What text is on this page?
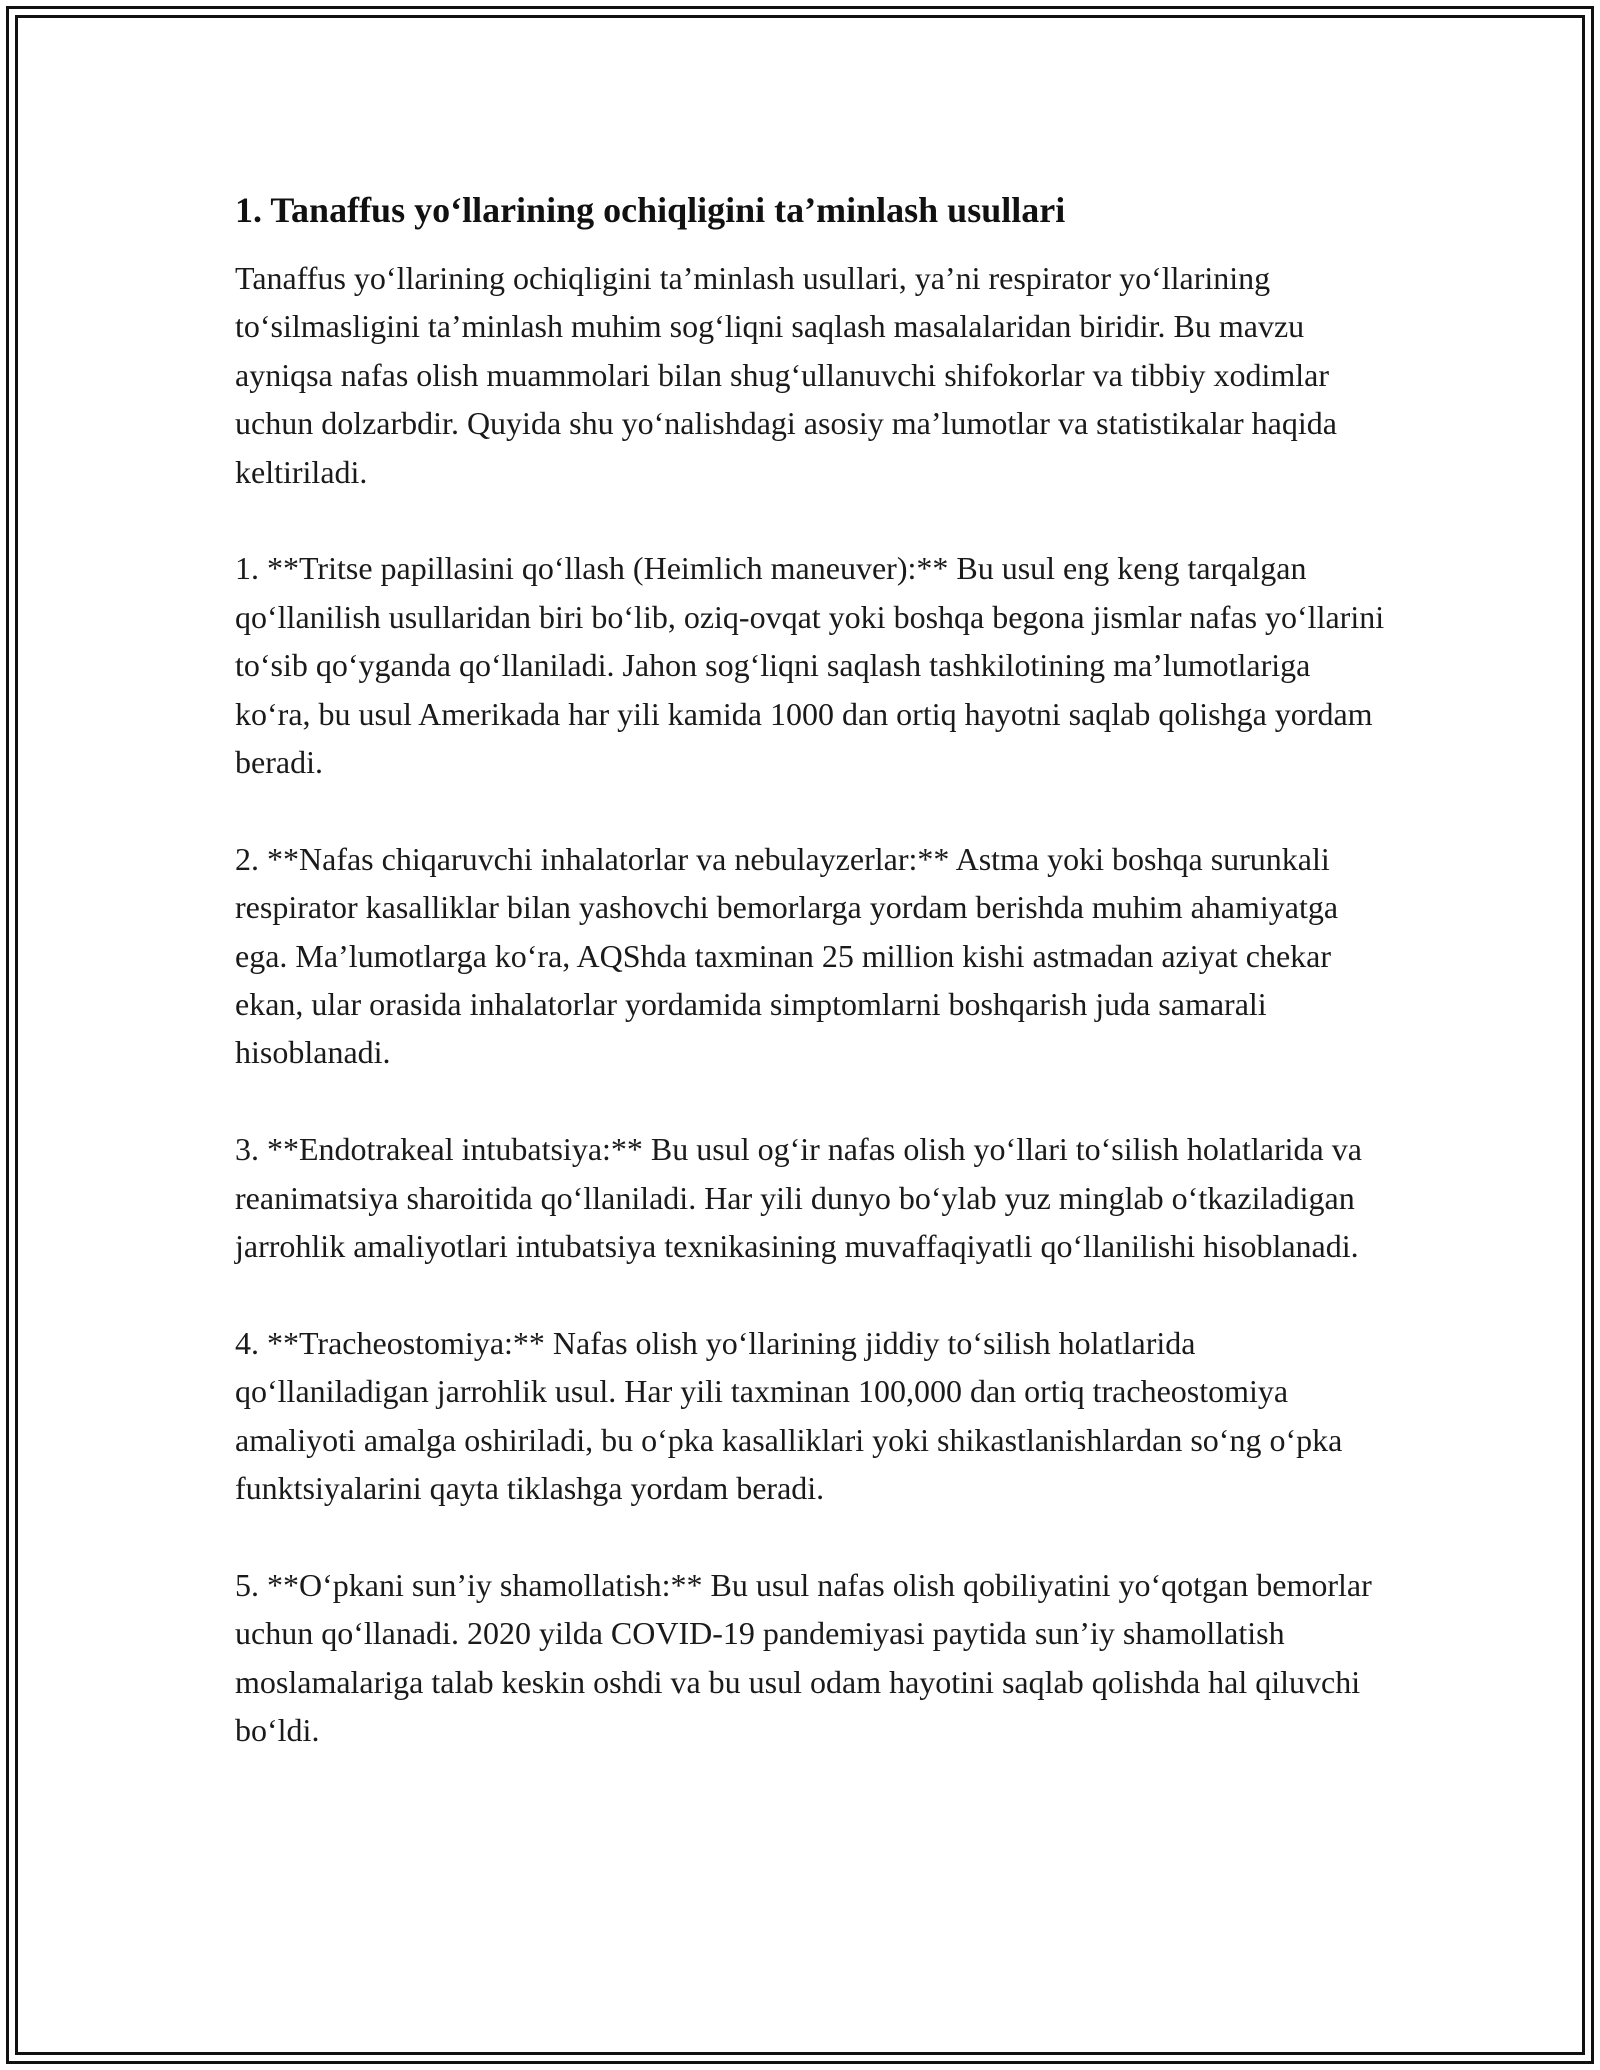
1. Tanaffus yo‘llarining ochiqligini ta’minlash usullari

Tanaffus yo‘llarining ochiqligini ta’minlash usullari, ya’ni respirator yo‘llarining to‘silmasligini ta’minlash muhim sog‘liqni saqlash masalalaridan biridir. Bu mavzu ayniqsa nafas olish muammolari bilan shug‘ullanuvchi shifokorlar va tibbiy xodimlar uchun dolzarbdir. Quyida shu yo‘nalishdagi asosiy ma’lumotlar va statistikalar haqida keltiriladi.

1. **Tritse papillasini qo‘llash (Heimlich maneuver):** Bu usul eng keng tarqalgan qo‘llanilish usullaridan biri bo‘lib, oziq-ovqat yoki boshqa begona jismlar nafas yo‘llarini to‘sib qo‘yganda qo‘llaniladi. Jahon sog‘liqni saqlash tashkilotining ma’lumotlariga ko‘ra, bu usul Amerikada har yili kamida 1000 dan ortiq hayotni saqlab qolishga yordam beradi.

2. **Nafas chiqaruvchi inhalatorlar va nebulayzerlar:** Astma yoki boshqa surunkali respirator kasalliklar bilan yashovchi bemorlarga yordam berishda muhim ahamiyatga ega. Ma’lumotlarga ko‘ra, AQShda taxminan 25 million kishi astmadan aziyat chekar ekan, ular orasida inhalatorlar yordamida simptomlarni boshqarish juda samarali hisoblanadi.

3. **Endotrakeal intubatsiya:** Bu usul og‘ir nafas olish yo‘llari to‘silish holatlarida va reanimatsiya sharoitida qo‘llaniladi. Har yili dunyo bo‘ylab yuz minglab o‘tkaziladigan jarrohlik amaliyotlari intubatsiya texnikasining muvaffaqiyatli qo‘llanilishi hisoblanadi.

4. **Tracheostomiya:** Nafas olish yo‘llarining jiddiy to‘silish holatlarida qo‘llaniladigan jarrohlik usul. Har yili taxminan 100,000 dan ortiq tracheostomiya amaliyoti amalga oshiriladi, bu o‘pka kasalliklari yoki shikastlanishlardan so‘ng o‘pka funktsiyalarini qayta tiklashga yordam beradi.

5. **O‘pkani sun’iy shamollatish:** Bu usul nafas olish qobiliyatini yo‘qotgan bemorlar uchun qo‘llanadi. 2020 yilda COVID-19 pandemiyasi paytida sun’iy shamollatish moslamalariga talab keskin oshdi va bu usul odam hayotini saqlab qolishda hal qiluvchi bo‘ldi.
